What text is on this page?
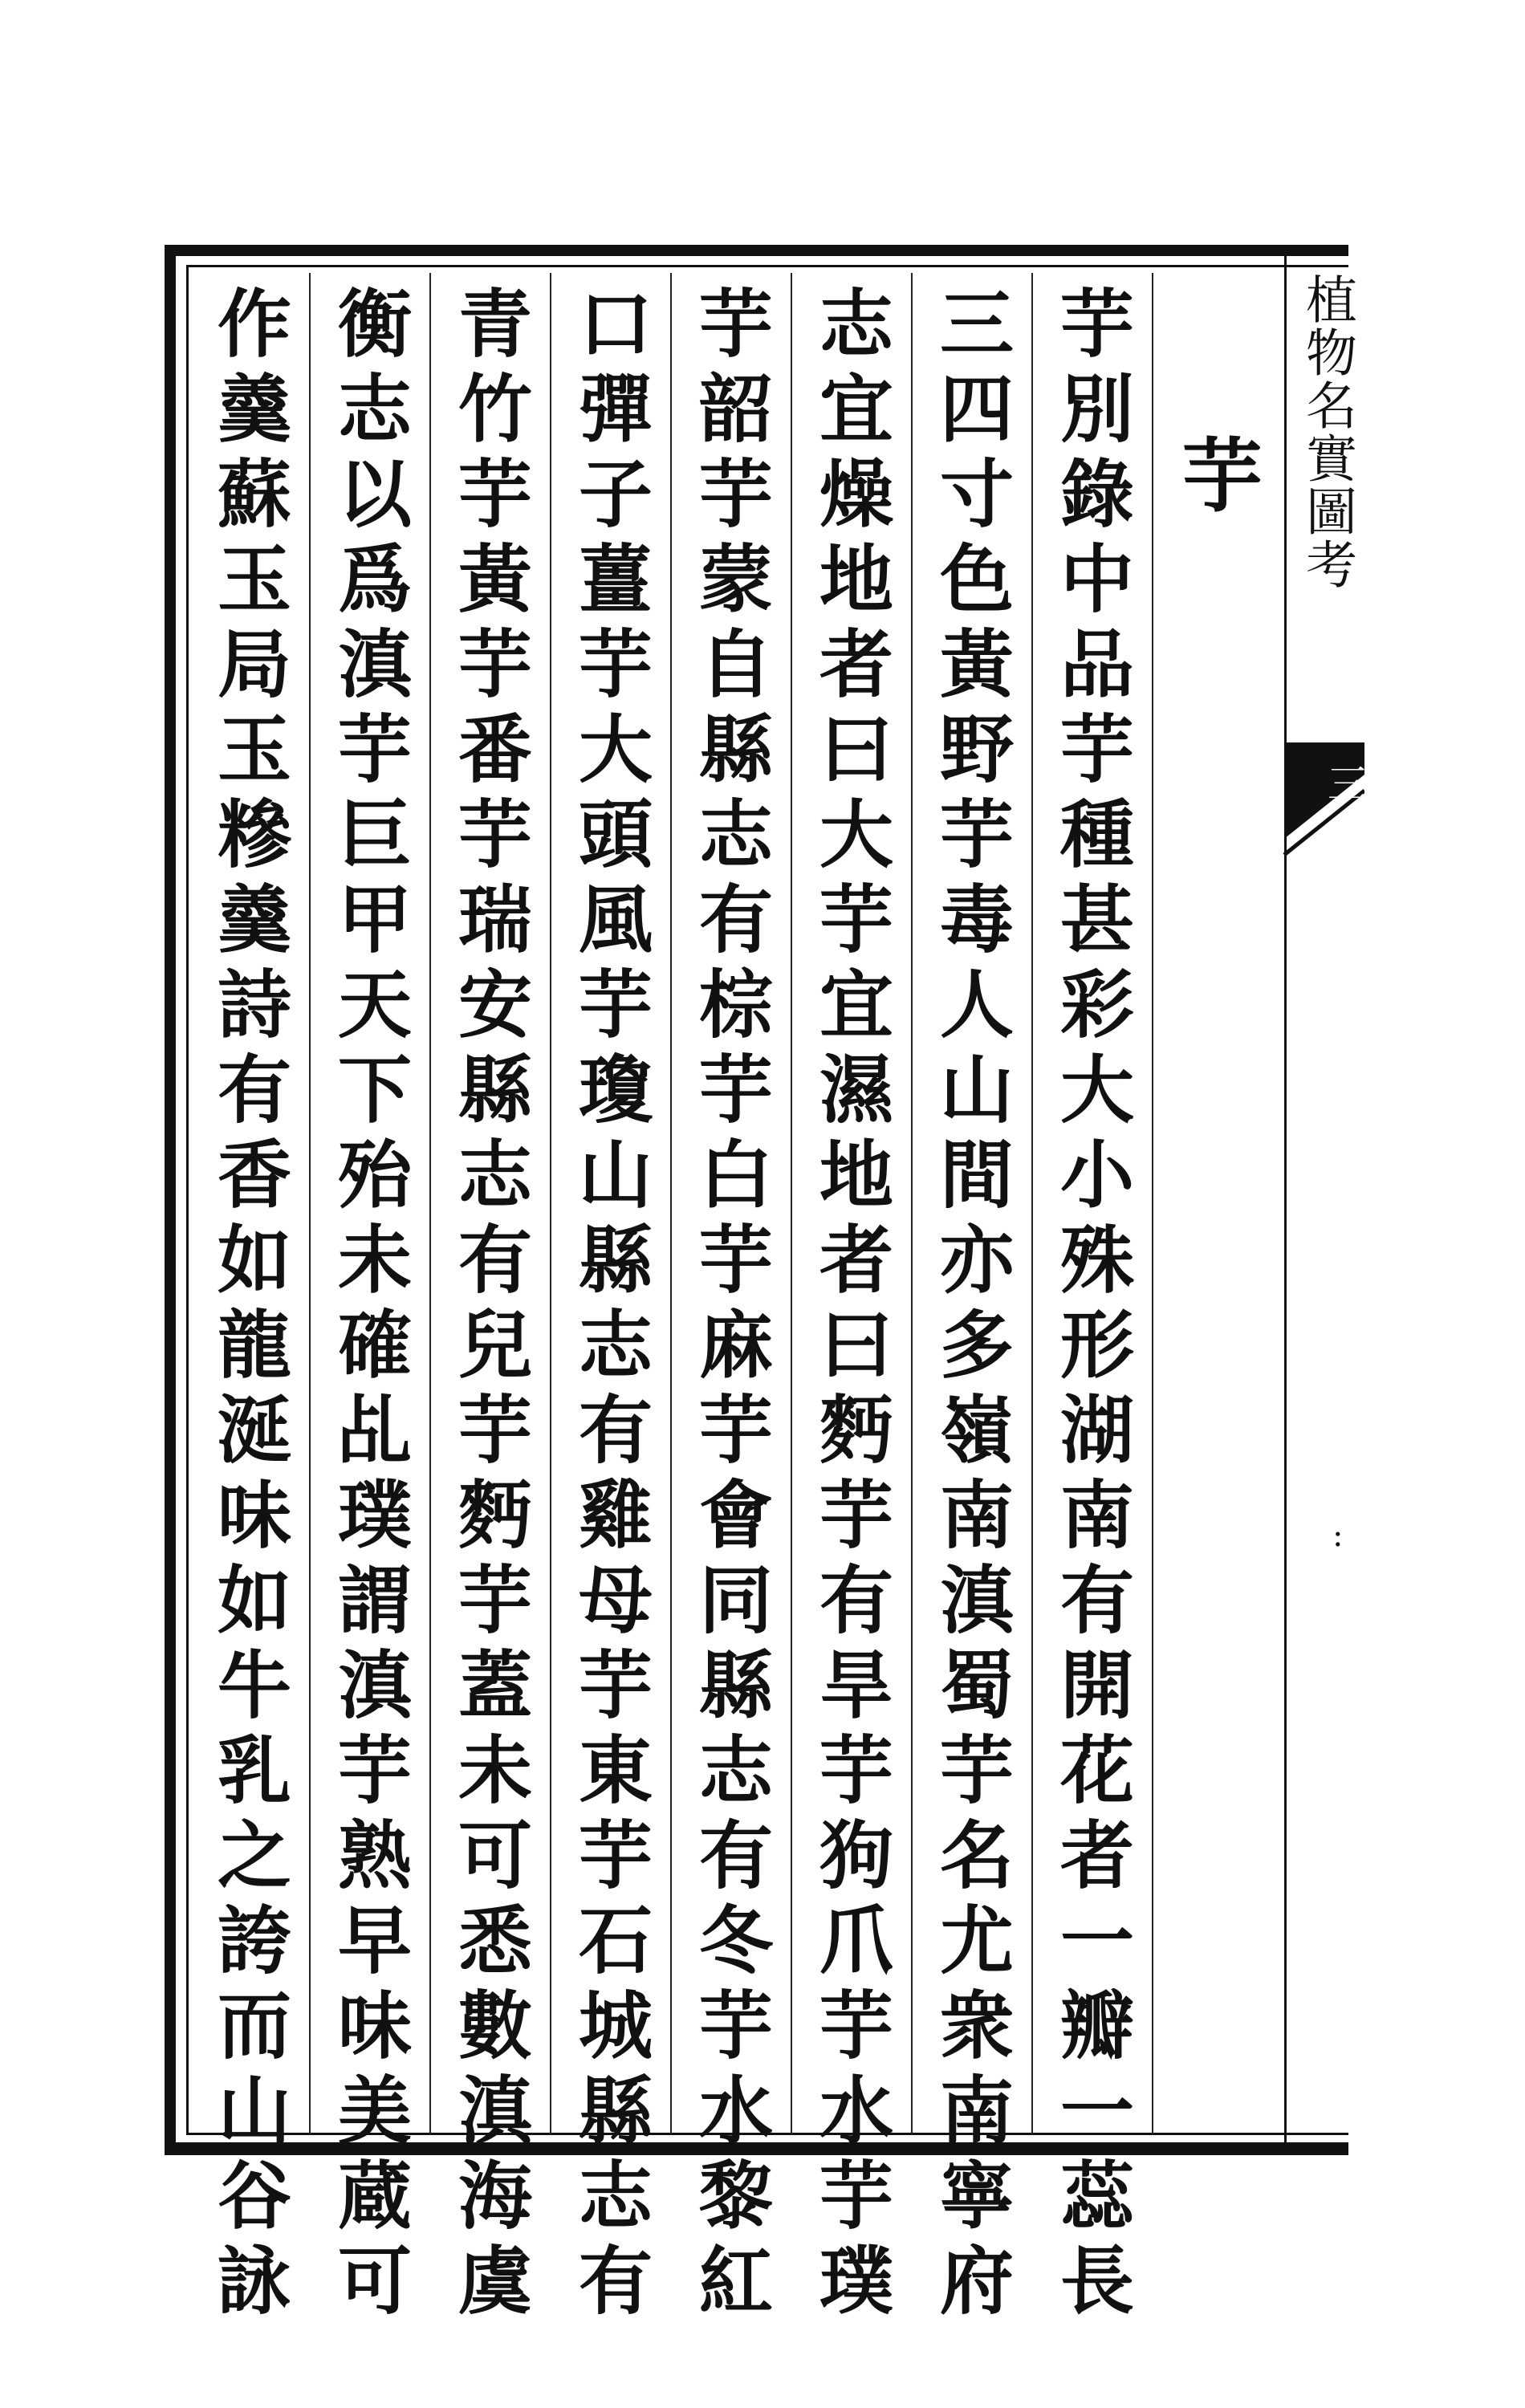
植物名實圖考
三
:
芋
芋別錄中品芋種甚彩大小殊形湖南有開花者一瓣一蕊長
三四寸色黃野芋毒人山間亦多嶺南滇蜀芋名尤衆南寧府
志宜燥地者曰大芋宜濕地者曰麪芋有旱芋狗爪芋水芋璞
芋韶芋蒙自縣志有棕芋白芋麻芋會同縣志有冬芋水黎紅
口彈子薑芋大頭風芋瓊山縣志有雞母芋東芋石城縣志有
青竹芋黃芋番芋瑞安縣志有兒芋麪芋蓋未可悉數滇海虞
衡志以爲滇芋巨甲天下殆未確乩璞謂滇芋熟早味美蔵可
作羹蘇玉局玉糝羹詩有香如龍涎味如牛乳之誇而山谷詠
